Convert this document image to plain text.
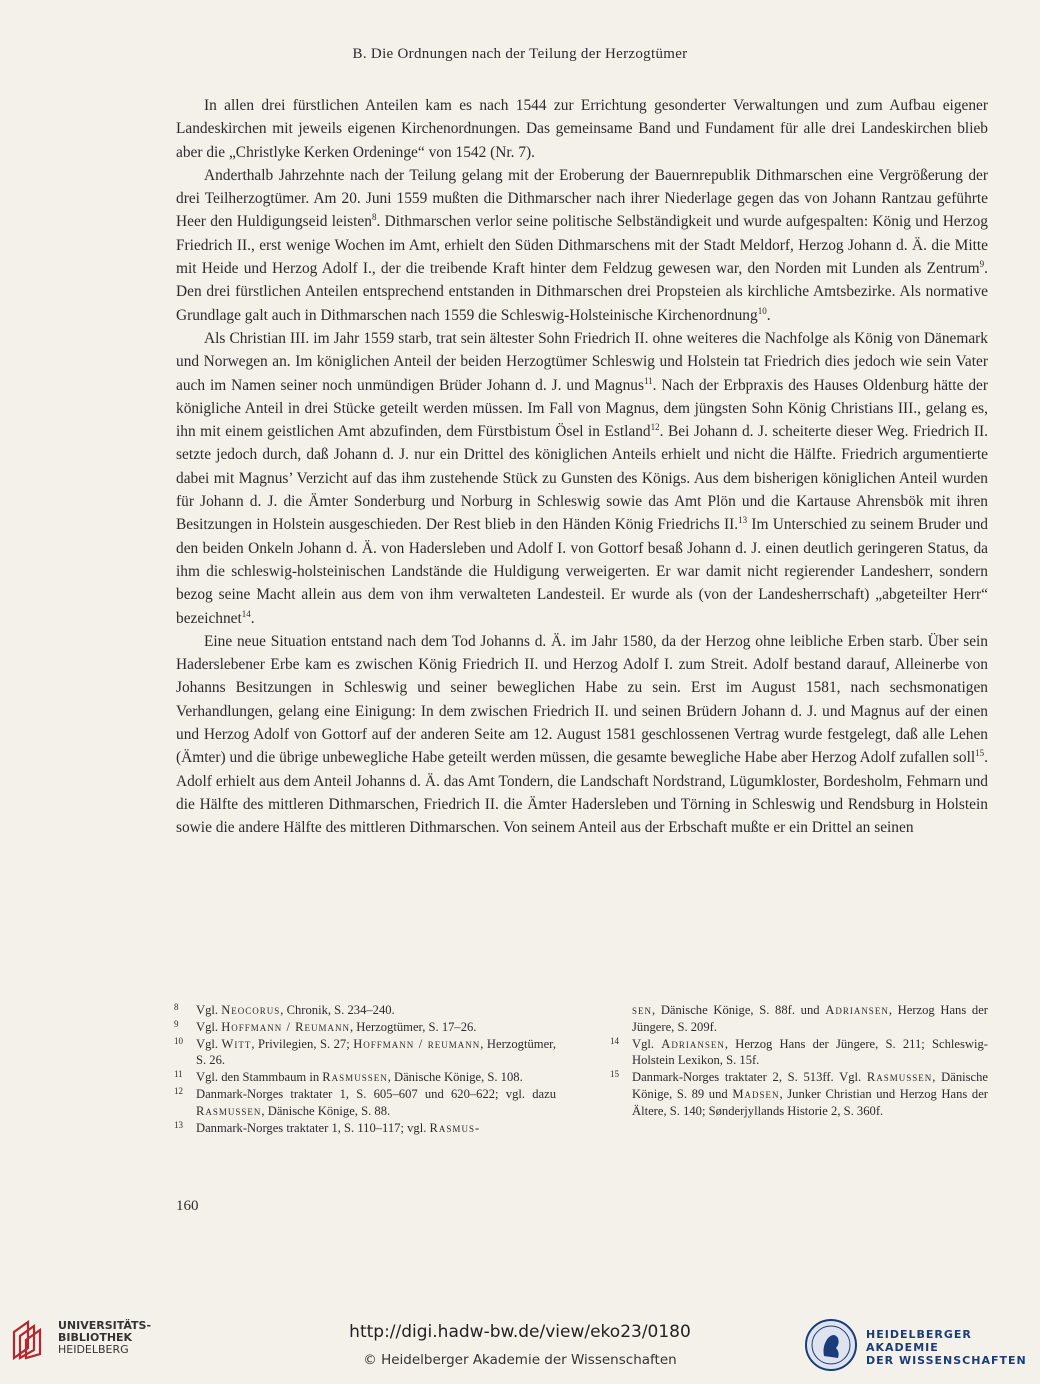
B. Die Ordnungen nach der Teilung der Herzogtümer

In allen drei fürstlichen Anteilen kam es nach 1544 zur Errichtung gesonderter Verwaltungen und zum Aufbau eigener Landeskirchen mit jeweils eigenen Kirchenordnungen. Das gemeinsame Band und Fundament für alle drei Landeskirchen blieb aber die „Christlyke Kerken Ordeninge“ von 1542 (Nr. 7).

Anderthalb Jahrzehnte nach der Teilung gelang mit der Eroberung der Bauernrepublik Dithmarschen eine Vergrößerung der drei Teilherzogtümer. Am 20. Juni 1559 mußten die Dithmarscher nach ihrer Niederlage gegen das von Johann Rantzau geführte Heer den Huldigungseid leisten$^8$. Dithmarschen verlor seine politische Selbständigkeit und wurde aufgespalten: König und Herzog Friedrich II., erst wenige Wochen im Amt, erhielt den Süden Dithmarschens mit der Stadt Meldorf, Herzog Johann d. Ä. die Mitte mit Heide und Herzog Adolf I., der die treibende Kraft hinter dem Feldzug gewesen war, den Norden mit Lunden als Zentrum$^9$. Den drei fürstlichen Anteilen entsprechend entstanden in Dithmarschen drei Propsteien als kirchliche Amtsbezirke. Als normative Grundlage galt auch in Dithmarschen nach 1559 die Schleswig-Holsteinische Kirchenordnung$^{10}$.

Als Christian III. im Jahr 1559 starb, trat sein ältester Sohn Friedrich II. ohne weiteres die Nachfolge als König von Dänemark und Norwegen an. Im königlichen Anteil der beiden Herzogtümer Schleswig und Holstein tat Friedrich dies jedoch wie sein Vater auch im Namen seiner noch unmündigen Brüder Johann d. J. und Magnus$^{11}$. Nach der Erbpraxis des Hauses Oldenburg hätte der königliche Anteil in drei Stücke geteilt werden müssen. Im Fall von Magnus, dem jüngsten Sohn König Christians III., gelang es, ihn mit einem geistlichen Amt abzufinden, dem Fürstbistum Ösel in Estland$^{12}$. Bei Johann d. J. scheiterte dieser Weg. Friedrich II. setzte jedoch durch, daß Johann d. J. nur ein Drittel des königlichen Anteils erhielt und nicht die Hälfte. Friedrich argumentierte dabei mit Magnus’ Verzicht auf das ihm zustehende Stück zu Gunsten des Königs. Aus dem bisherigen königlichen Anteil wurden für Johann d. J. die Ämter Sonderburg und Norburg in Schleswig sowie das Amt Plön und die Kartause Ahrensbök mit ihren Besitzungen in Holstein ausgeschieden. Der Rest blieb in den Händen König Friedrichs II.$^{13}$ Im Unterschied zu seinem Bruder und den beiden Onkeln Johann d. Ä. von Hadersleben und Adolf I. von Gottorf besaß Johann d. J. einen deutlich geringeren Status, da ihm die schleswig-holsteinischen Landstände die Huldigung verweigerten. Er war damit nicht regierender Landesherr, sondern bezog seine Macht allein aus dem von ihm verwalteten Landesteil. Er wurde als (von der Landesherrschaft) „abgeteilter Herr“ bezeichnet$^{14}$.

Eine neue Situation entstand nach dem Tod Johanns d. Ä. im Jahr 1580, da der Herzog ohne leibliche Erben starb. Über sein Haderslebener Erbe kam es zwischen König Friedrich II. und Herzog Adolf I. zum Streit. Adolf bestand darauf, Alleinerbe von Johanns Besitzungen in Schleswig und seiner beweglichen Habe zu sein. Erst im August 1581, nach sechsmonatigen Verhandlungen, gelang eine Einigung: In dem zwischen Friedrich II. und seinen Brüdern Johann d. J. und Magnus auf der einen und Herzog Adolf von Gottorf auf der anderen Seite am 12. August 1581 geschlossenen Vertrag wurde festgelegt, daß alle Lehen (Ämter) und die übrige unbewegliche Habe geteilt werden müssen, die gesamte bewegliche Habe aber Herzog Adolf zufallen soll$^{15}$. Adolf erhielt aus dem Anteil Johanns d. Ä. das Amt Tondern, die Landschaft Nordstrand, Lügumkloster, Bordesholm, Fehmarn und die Hälfte des mittleren Dithmarschen, Friedrich II. die Ämter Hadersleben und Törning in Schleswig und Rendsburg in Holstein sowie die andere Hälfte des mittleren Dithmarschen. Von seinem Anteil aus der Erbschaft mußte er ein Drittel an seinen

8 Vgl. Neocorus, Chronik, S. 234–240.
9 Vgl. Hoffmann / Reumann, Herzogtümer, S. 17–26.
10 Vgl. Witt, Privilegien, S. 27; Hoffmann / reumann, Herzogtümer, S. 26.
11 Vgl. den Stammbaum in Rasmussen, Dänische Könige, S. 108.
12 Danmark-Norges traktater 1, S. 605–607 und 620–622; vgl. dazu Rasmussen, Dänische Könige, S. 88.
13 Danmark-Norges traktater 1, S. 110–117; vgl. Rasmus-
sen, Dänische Könige, S. 88f. und Adriansen, Herzog Hans der Jüngere, S. 209f.
14 Vgl. Adriansen, Herzog Hans der Jüngere, S. 211; Schleswig-Holstein Lexikon, S. 15f.
15 Danmark-Norges traktater 2, S. 513ff. Vgl. Rasmussen, Dänische Könige, S. 89 und Madsen, Junker Christian und Herzog Hans der Ältere, S. 140; Sønderjyllands Historie 2, S. 360f.
160
UNIVERSITÄTS-
BIBLIOTHEK
HEIDELBERG
http://digi.hadw-bw.de/view/eko23/0180
© Heidelberger Akademie der Wissenschaften
HEIDELBERGER AKADEMIE
DER WISSENSCHAFTEN
